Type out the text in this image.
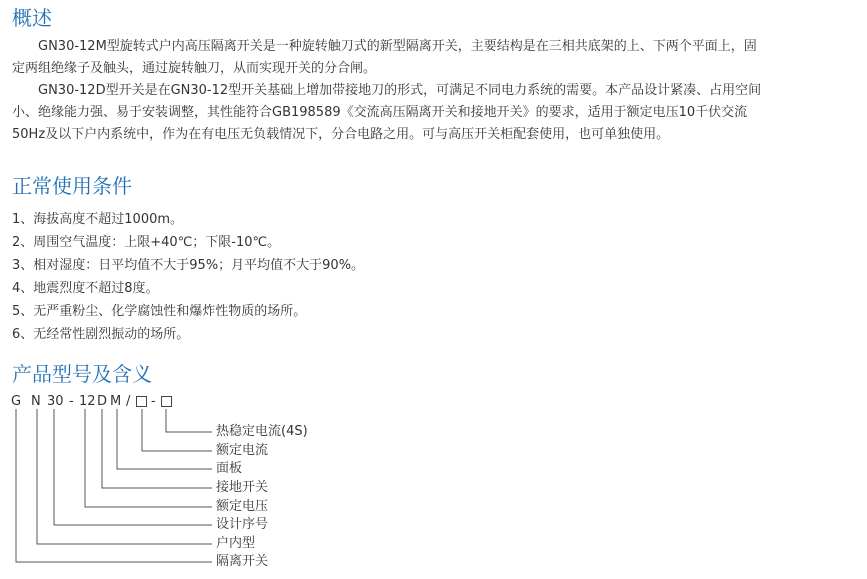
概述
GN30-12M型旋转式户内高压隔离开关是一种旋转触刀式的新型隔离开关，主要结构是在三相共底架的上、下两个平面上，固
定两组绝缘子及触头，通过旋转触刀，从而实现开关的分合闸。
GN30-12D型开关是在GN30-12型开关基础上增加带接地刀的形式，可满足不同电力系统的需要。本产品设计紧凑、占用空间
小、绝缘能力强、易于安装调整，其性能符合GB198589《交流高压隔离开关和接地开关》的要求，适用于额定电压10千伏交流
50Hz及以下户内系统中，作为在有电压无负载情况下，分合电路之用。可与高压开关柜配套使用，也可单独使用。
正常使用条件
1、海拔高度不超过1000m。
2、周围空气温度：上限+40℃；下限-10℃。
3、相对湿度：日平均值不大于95%；月平均值不大于90%。
4、地震烈度不超过8度。
5、无严重粉尘、化学腐蚀性和爆炸性物质的场所。
6、无经常性剧烈振动的场所。
产品型号及含义
G N 30 - 12 D M / -
热稳定电流(4S)
额定电流
面板
接地开关
额定电压
设计序号
户内型
隔离开关
